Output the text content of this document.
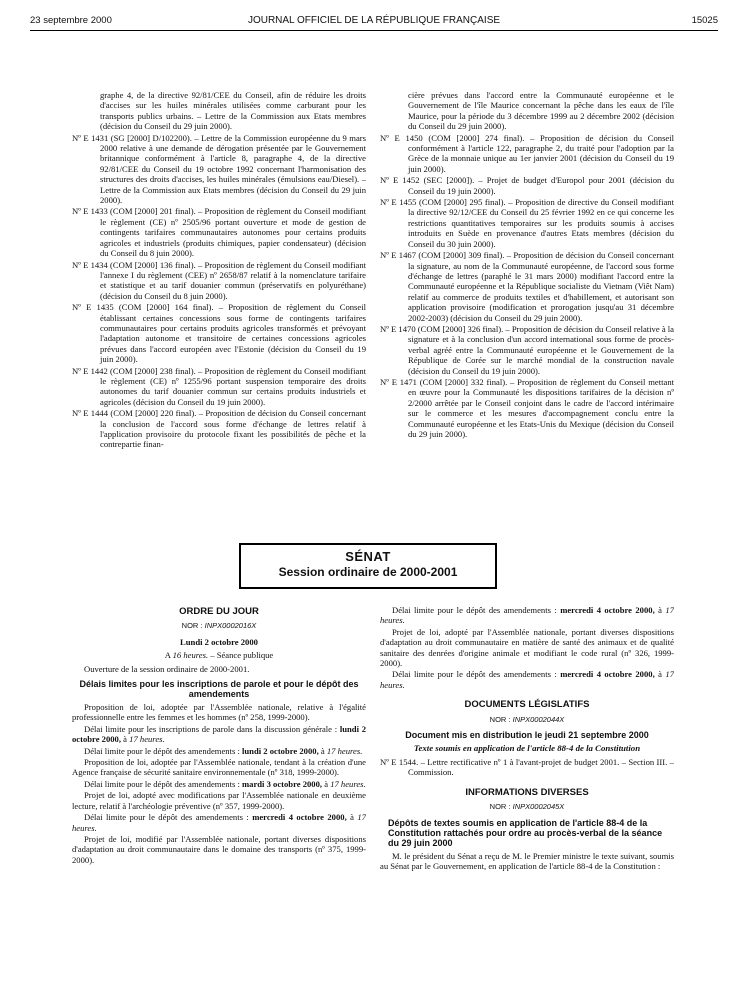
23 septembre 2000	JOURNAL OFFICIEL DE LA RÉPUBLIQUE FRANÇAISE	15025

graphe 4, de la directive 92/81/CEE du Conseil, afin de réduire les droits d'accises sur les huiles minérales utilisées comme carburant pour les transports publics urbains. – Lettre de la Commission aux Etats membres (décision du Conseil du 29 juin 2000).

Nº E 1431 (SG [2000] D/102200). – Lettre de la Commission européenne du 9 mars 2000 relative à une demande de dérogation présentée par le Gouvernement britannique conformément à l'article 8, paragraphe 4, de la directive 92/81/CEE du Conseil du 19 octobre 1992 concernant l'harmonisation des structures des droits d'accises, les huiles minérales (émulsions eau/Diesel). – Lettre de la Commission aux Etats membres (décision du Conseil du 29 juin 2000).

Nº E 1433 (COM [2000] 201 final). – Proposition de règlement du Conseil modifiant le règlement (CE) nº 2505/96 portant ouverture et mode de gestion de contingents tarifaires communautaires autonomes pour certains produits agricoles et industriels (produits chimiques, papier condensateur) (décision du Conseil du 8 juin 2000).

Nº E 1434 (COM [2000] 136 final). – Proposition de règlement du Conseil modifiant l'annexe I du règlement (CEE) nº 2658/87 relatif à la nomenclature tarifaire et statistique et au tarif douanier commun (préservatifs en polyuréthane) (décision du Conseil du 8 juin 2000).

Nº E 1435 (COM [2000] 164 final). – Proposition de règlement du Conseil établissant certaines concessions sous forme de contingents tarifaires communautaires pour certains produits agricoles transformés et prévoyant l'adaptation autonome et transitoire de certaines concessions agricoles prévues dans l'accord européen avec l'Estonie (décision du Conseil du 19 juin 2000).

Nº E 1442 (COM [2000] 238 final). – Proposition de règlement du Conseil modifiant le règlement (CE) nº 1255/96 portant suspension temporaire des droits autonomes du tarif douanier commun sur certains produits industriels et agricoles (décision du Conseil du 19 juin 2000).

Nº E 1444 (COM [2000] 220 final). – Proposition de décision du Conseil concernant la conclusion de l'accord sous forme d'échange de lettres relatif à l'application provisoire du protocole fixant les possibilités de pêche et la contrepartie finan-

cière prévues dans l'accord entre la Communauté européenne et le Gouvernement de l'île Maurice concernant la pêche dans les eaux de l'île Maurice, pour la période du 3 décembre 1999 au 2 décembre 2002 (décision du Conseil du 29 juin 2000).

Nº E 1450 (COM [2000] 274 final). – Proposition de décision du Conseil conformément à l'article 122, paragraphe 2, du traité pour l'adoption par la Grèce de la monnaie unique au 1er janvier 2001 (décision du Conseil du 19 juin 2000).

Nº E 1452 (SEC [2000]). – Projet de budget d'Europol pour 2001 (décision du Conseil du 19 juin 2000).

Nº E 1455 (COM [2000] 295 final). – Proposition de directive du Conseil modifiant la directive 92/12/CEE du Conseil du 25 février 1992 en ce qui concerne les restrictions quantitatives temporaires sur les produits soumis à accises introduits en Suède en provenance d'autres Etats membres (décision du Conseil du 30 juin 2000).

Nº E 1467 (COM [2000] 309 final). – Proposition de décision du Conseil concernant la signature, au nom de la Communauté européenne, de l'accord sous forme d'échange de lettres (paraphé le 31 mars 2000) modifiant l'accord entre la Communauté européenne et la République socialiste du Vietnam (Viêt Nam) relatif au commerce de produits textiles et d'habillement, et autorisant son application provisoire (modification et prorogation jusqu'au 31 décembre 2002-2003) (décision du Conseil du 29 juin 2000).

Nº E 1470 (COM [2000] 326 final). – Proposition de décision du Conseil relative à la signature et à la conclusion d'un accord international sous forme de procès-verbal agréé entre la Communauté européenne et le Gouvernement de la République de Corée sur le marché mondial de la construction navale (décision du Conseil du 19 juin 2000).

Nº E 1471 (COM [2000] 332 final). – Proposition de règlement du Conseil mettant en œuvre pour la Communauté les dispositions tarifaires de la décision nº 2/2000 arrêtée par le Conseil conjoint dans le cadre de l'accord intérimaire sur le commerce et les mesures d'accompagnement conclu entre la Communauté européenne et les Etats-Unis du Mexique (décision du Conseil du 29 juin 2000).

SÉNAT
Session ordinaire de 2000-2001
ORDRE DU JOUR
NOR : INPX0002016X

Lundi 2 octobre 2000

A 16 heures. – Séance publique

Ouverture de la session ordinaire de 2000-2001.

Délais limites pour les inscriptions de parole et pour le dépôt des amendements

Proposition de loi, adoptée par l'Assemblée nationale, relative à l'égalité professionnelle entre les femmes et les hommes (nº 258, 1999-2000).

Délai limite pour les inscriptions de parole dans la discussion générale : lundi 2 octobre 2000, à 17 heures.

Délai limite pour le dépôt des amendements : lundi 2 octobre 2000, à 17 heures.

Proposition de loi, adoptée par l'Assemblée nationale, tendant à la création d'une Agence française de sécurité sanitaire environnementale (nº 318, 1999-2000).

Délai limite pour le dépôt des amendements : mardi 3 octobre 2000, à 17 heures.

Projet de loi, adopté avec modifications par l'Assemblée nationale en deuxième lecture, relatif à l'archéologie préventive (nº 357, 1999-2000).

Délai limite pour le dépôt des amendements : mercredi 4 octobre 2000, à 17 heures.

Projet de loi, modifié par l'Assemblée nationale, portant diverses dispositions d'adaptation au droit communautaire dans le domaine des transports (nº 375, 1999-2000).

Délai limite pour le dépôt des amendements : mercredi 4 octobre 2000, à 17 heures.

Projet de loi, adopté par l'Assemblée nationale, portant diverses dispositions d'adaptation au droit communautaire en matière de santé des animaux et de qualité sanitaire des denrées d'origine animale et modifiant le code rural (nº 326, 1999-2000).

Délai limite pour le dépôt des amendements : mercredi 4 octobre 2000, à 17 heures.

DOCUMENTS LÉGISLATIFS
NOR : INPX0002044X
Document mis en distribution le jeudi 21 septembre 2000
Texte soumis en application de l'article 88-4 de la Constitution

Nº E 1544. – Lettre rectificative nº 1 à l'avant-projet de budget 2001. – Section III. – Commission.

INFORMATIONS DIVERSES
NOR : INPX0002045X
Dépôts de textes soumis en application de l'article 88-4 de la Constitution rattachés pour ordre au procès-verbal de la séance du 29 juin 2000

M. le président du Sénat a reçu de M. le Premier ministre le texte suivant, soumis au Sénat par le Gouvernement, en application de l'article 88-4 de la Constitution :
